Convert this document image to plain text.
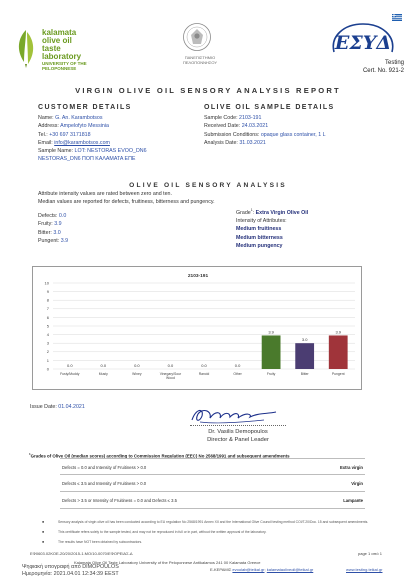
kalamata
olive oil
taste
laboratory
UNIVERSITY OF THE
PELOPONNESE
ΠΑΝΕΠΙΣΤΗΜΙΟ
ΠΕΛΟΠΟΝΝΗΣΟΥ
ΕΣΥΔ
Testing
Cert. No. 921-2
VIRGIN OLIVE OIL SENSORY ANALYSIS REPORT
CUSTOMER DETAILS
Name: G. An. Karambotsos
Address: Ampelofyto Messinia
Tel.: +30 697 3171818
Email: info@karambotsos.com
Sample Name: LOT: NESTORAS EVOO_DN6
NESTORAS_DN6 ΠΟΠ ΚΑΛΑΜΑΤΑ ΕΠΕ
OLIVE OIL SAMPLE DETAILS
Sample Code: 2103-191
Received Date: 24.03.2021
Submission Conditions: opaque glass container, 1 L
Analysis Date: 31.03.2021
OLIVE OIL SENSORY ANALYSIS
Attribute intensity values are rated between zero and ten.
Median values are reported for defects, fruitiness, bitterness and pungency.
Defects: 0.0
Fruity: 3.9
Bitter: 3.0
Pungent: 3.9
Grade$^1$: Extra Virgin Olive Oil
Intensity of Attributes:
Medium fruitiness
Medium bitterness
Medium pungency
2103-191
0
1
2
3
4
5
6
7
8
9
10
0.0	0.0	0.0	0.0	0.0	0.0
3.9
3.0
3.9
Fusty/Muddy	Musty	Winey	Vinegary/Sour
Wood
Rancid	Other	Fruity	Bitter	Pungent
Issue Date: 01.04.2021
Dr. Vasilis Demopoulos
Director & Panel Leader
$^1$Grades of Olive Oil (median scores) according to Commission Regulation (EEC) No 2568/1991 and subsequent amendments
Defects = 0.0 and Intensity of Fruitiness > 0.0	Extra virgin
Defects ≤ 3.5 and Intensity of Fruitiness > 0.0	Virgin
Defects > 3.5 or Intensity of Fruitiness = 0.0 and Defects ≤ 3.5	Lampante
■	Sensory analysis of virgin olive oil has been conducted according to EU regulation No 2568/1991 Annex XII and the International Olive Council testing method COI/T.20/Doc. 15 and subsequent amendments.
■	This certificate refers solely to the sample tested, and may not be reproduced in full or in part, without the written approval of the laboratory.
■	The results have NOT been obtained by subcontractors.
ΕΦ0603.02ΚΟΕ-20/20/2015-1.ΜΟ/10-0070/ΕΦΟΡΕΙΑΣ-Δ	page 1 από 1
Kalamata Olive Oil Taste Laboratory University of the Peloponnese Antikalamos 241 00 Kalamata Greece
Ψηφιακή υπογραφή από DIMOPOULOS	Ε-ΚΕΡΑΜΙΣ evoolab@teikal.gr; kalamataoliveoil@teikal.gr	www.testing.teikal.gr
Ημερομηνία: 2021.04.01 12:34:39 EEST
